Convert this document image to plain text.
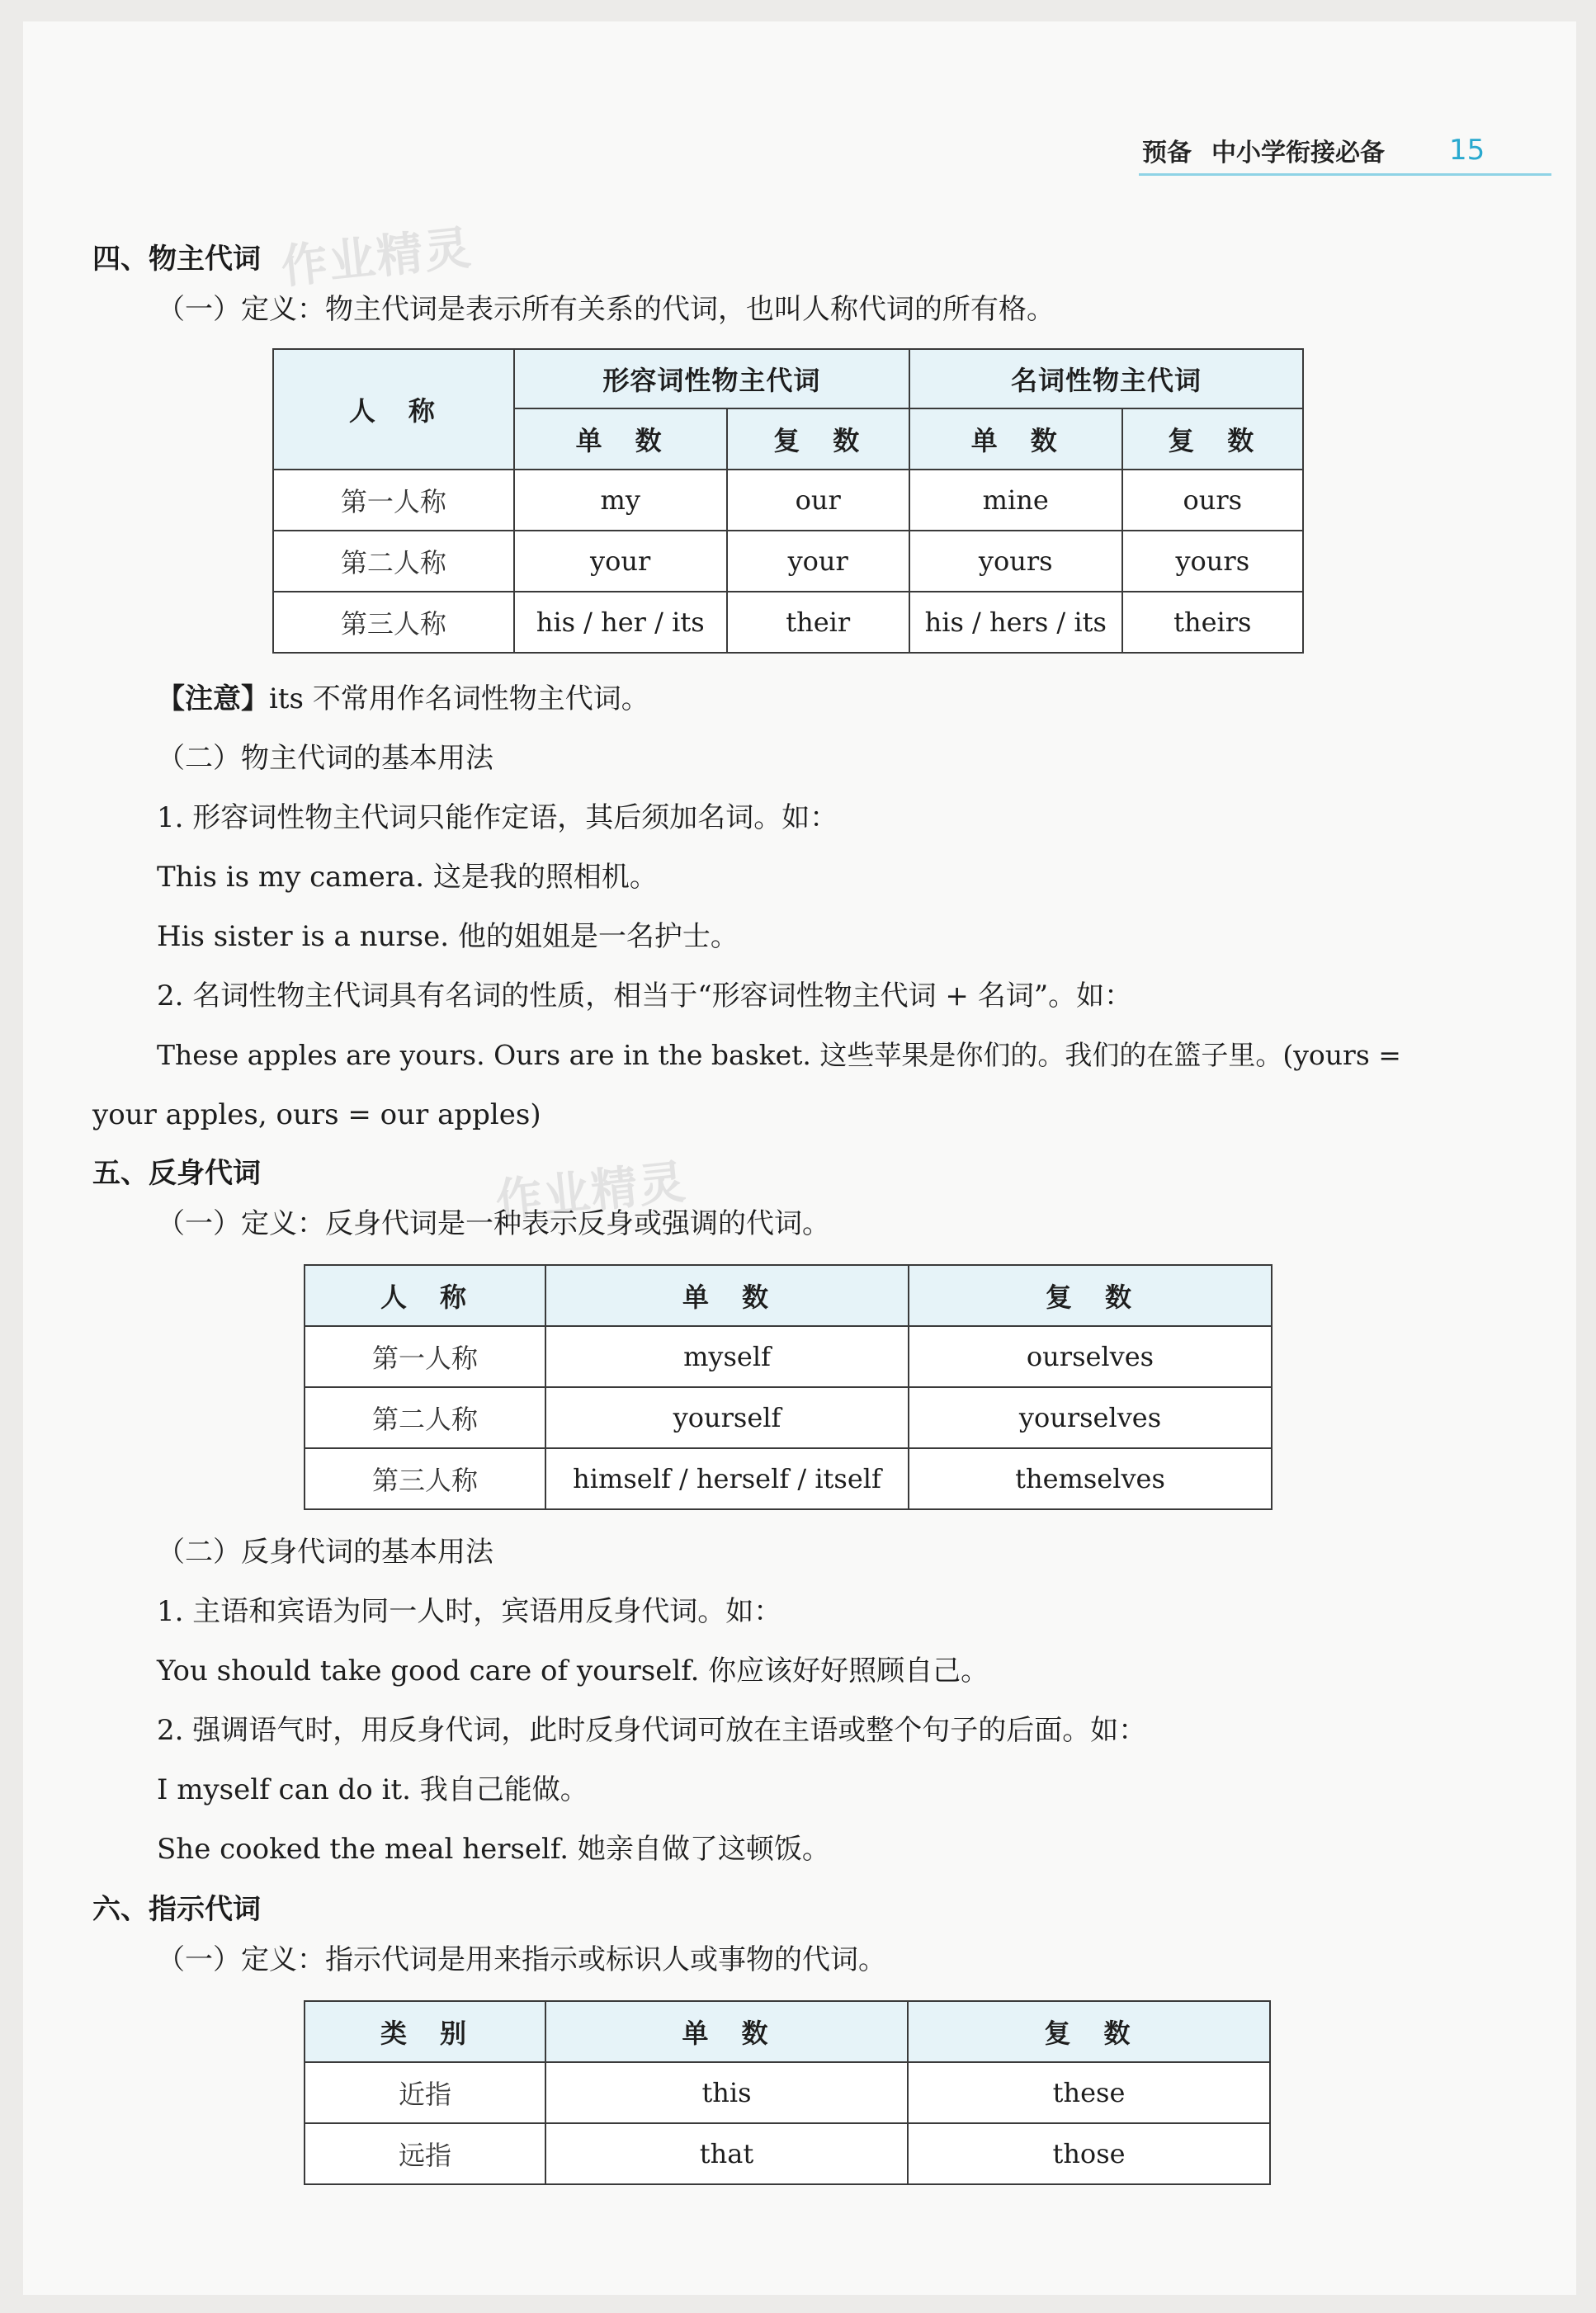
预备 中小学衔接必备 15
作业精灵
作业精灵
四、物主代词
（一）定义：物主代词是表示所有关系的代词，也叫人称代词的所有格。
人　称	形容词性物主代词		名词性物主代词	
	单　数	复　数	单　数	复　数
第一人称	my	our	mine	ours
第二人称	your	your	yours	yours
第三人称	his / her / its	their	his / hers / its	theirs
【注意】its 不常用作名词性物主代词。
（二）物主代词的基本用法
1. 形容词性物主代词只能作定语，其后须加名词。如：
This is my camera. 这是我的照相机。
His sister is a nurse. 他的姐姐是一名护士。
2. 名词性物主代词具有名词的性质，相当于“形容词性物主代词 + 名词”。如：
These apples are yours. Ours are in the basket. 这些苹果是你们的。我们的在篮子里。(yours =
your apples, ours = our apples)
五、反身代词
（一）定义：反身代词是一种表示反身或强调的代词。
人　称	单　数	复　数
第一人称	myself	ourselves
第二人称	yourself	yourselves
第三人称	himself / herself / itself	themselves
（二）反身代词的基本用法
1. 主语和宾语为同一人时，宾语用反身代词。如：
You should take good care of yourself. 你应该好好照顾自己。
2. 强调语气时，用反身代词，此时反身代词可放在主语或整个句子的后面。如：
I myself can do it. 我自己能做。
She cooked the meal herself. 她亲自做了这顿饭。
六、指示代词
（一）定义：指示代词是用来指示或标识人或事物的代词。
类　别	单　数	复　数
近指	this	these
远指	that	those
